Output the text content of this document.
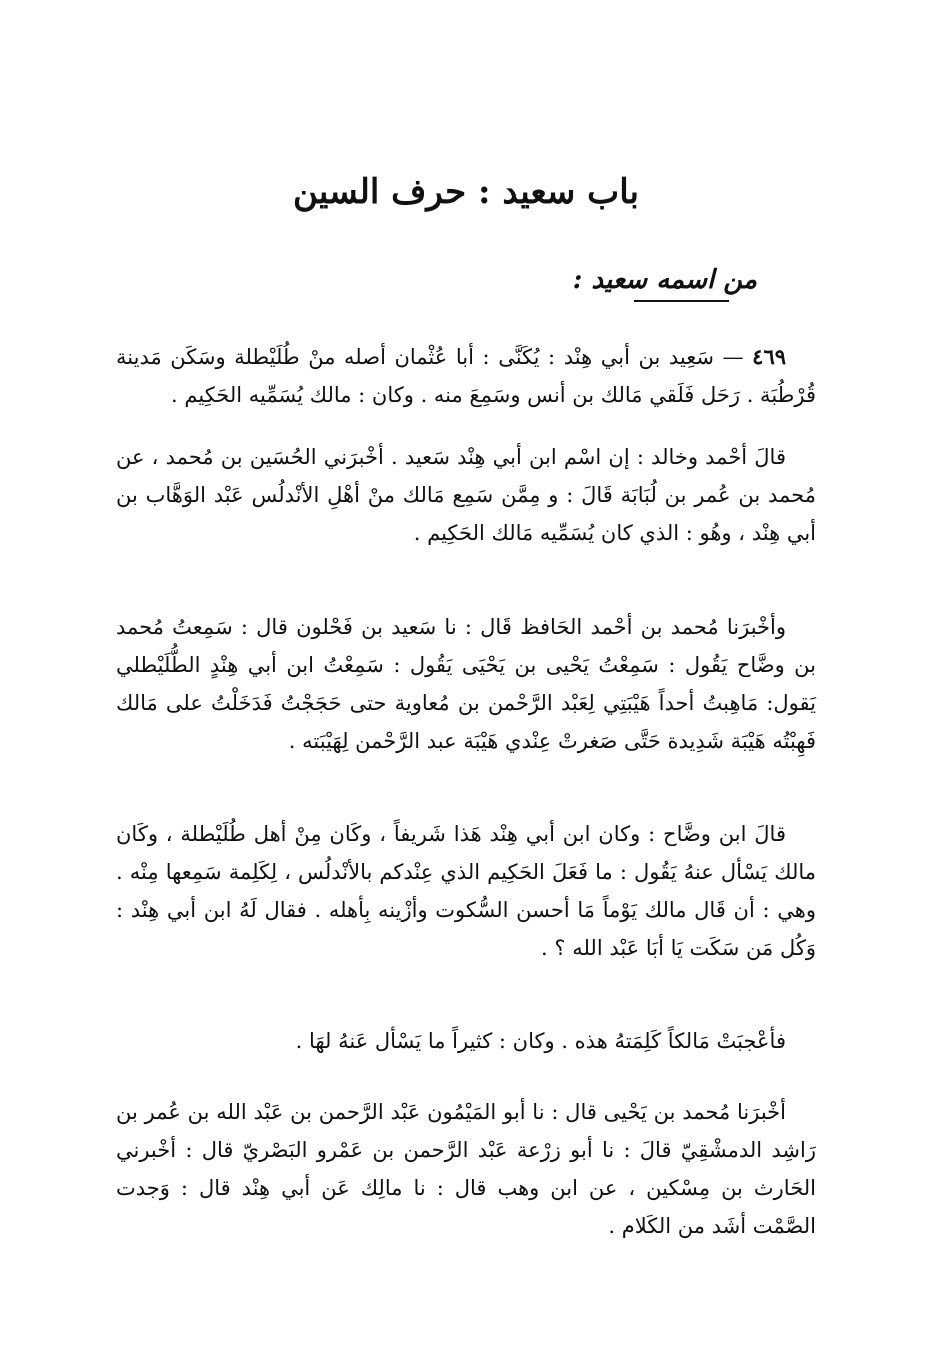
باب سعيد : حرف السين
من اسمه سعيد :

٤٦٩ — سَعِيد بن أبي هِنْد : يُكَنَّى : أبا عُثْمان أصله منْ طُلَيْطلة وسَكَن مَدينة قُرْطُبَة . رَحَل فَلَقي مَالك بن أنس وسَمِعَ منه . وكان : مالك يُسَمِّيه الحَكِيم .

قالَ أحْمد وخالد : إن اسْم ابن أبي هِنْد سَعيد . أخْبرَني الحُسَين بن مُحمد ، عن مُحمد بن عُمر بن لُبَابَة قَالَ : و مِمَّن سَمِع مَالك منْ أهْلِ الأنْدلُس عَبْد الوَهَّاب بن أبي هِنْد ، وهُو : الذي كان يُسَمِّيه مَالك الحَكِيم .

وأخْبرَنا مُحمد بن أحْمد الحَافظ قَال : نا سَعيد بن فَحْلون قال : سَمِعتُ مُحمد بن وضَّاح يَقُول : سَمِعْتُ يَحْيى بن يَحْيَى يَقُول : سَمِعْتُ ابن أبي هِنْدٍ الطُّلَيْطلي يَقول: مَاهِبتُ أحداً هَيْبَتِي لِعَبْد الرَّحْمن بن مُعاوية حتى حَجَجْتُ فَدَخَلْتُ على مَالك فَهِبْتُه هَيْبَة شَدِيدة حَتَّى صَغرتْ عِنْدي هَيْبَة عبد الرَّحْمن لِهَيْبَته .

قالَ ابن وضَّاح : وكان ابن أبي هِنْد هَذا شَريفاً ، وكَان مِنْ أهل طُلَيْطلة ، وكَان مالك يَسْأل عنهُ يَقُول : ما فَعَلَ الحَكِيم الذي عِنْدكم بالأنْدلُس ، لِكَلِمة سَمِعها مِنْه . وهي : أن قَال مالك يَوْماً مَا أحسن السُّكوت وأزْينه بِأهله . فقال لَهُ ابن أبي هِنْد : وَكُل مَن سَكَت يَا أبَا عَبْد الله ؟ .

فأعْجبَتْ مَالكاً كَلِمَتهُ هذه . وكان : كثيراً ما يَسْأل عَنهُ لهَا .

أخْبرَنا مُحمد بن يَحْيى قال : نا أبو المَيْمُون عَبْد الرَّحمن بن عَبْد الله بن عُمر بن رَاشِد الدمشْقِيّ قالَ : نا أبو زرْعة عَبْد الرَّحمن بن عَمْرو البَصْريّ قال : أخْبرني الحَارث بن مِسْكين ، عن ابن وهب قال : نا مالِك عَن أبي هِنْد قال : وَجدت الصَّمْت أشَد من الكَلام .
